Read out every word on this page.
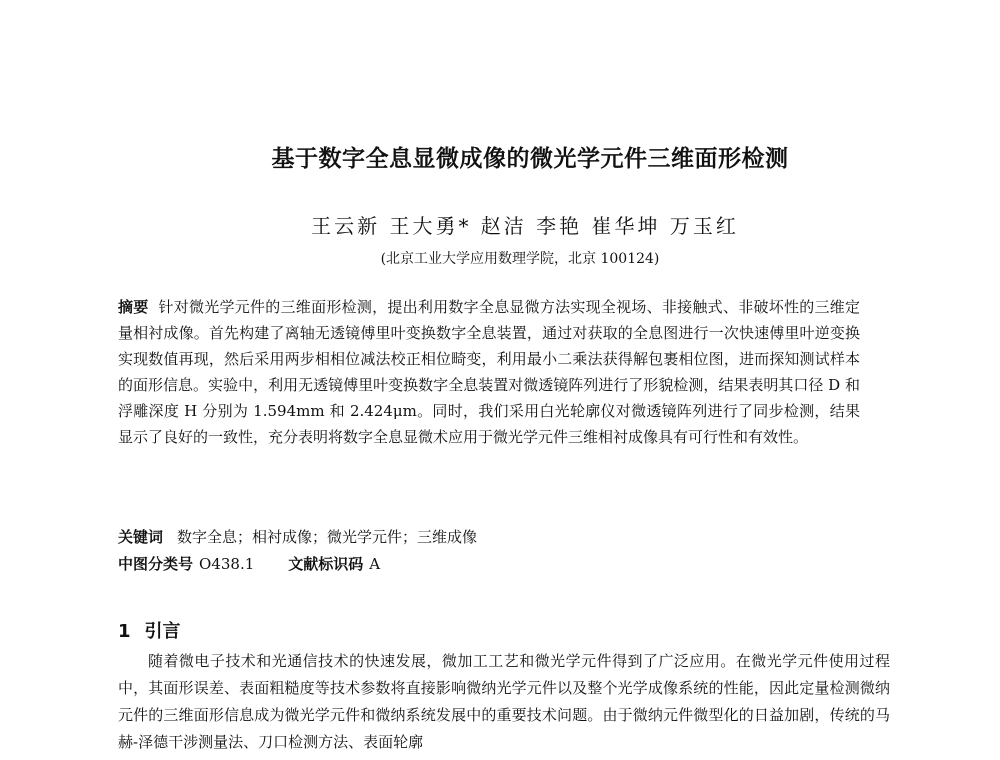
基于数字全息显微成像的微光学元件三维面形检测
王云新 王大勇* 赵洁 李艳 崔华坤 万玉红
(北京工业大学应用数理学院，北京 100124)
摘要 针对微光学元件的三维面形检测，提出利用数字全息显微方法实现全视场、非接触式、非破坏性的三维定量相衬成像。首先构建了离轴无透镜傅里叶变换数字全息装置，通过对获取的全息图进行一次快速傅里叶逆变换实现数值再现，然后采用两步相相位减法校正相位畸变，利用最小二乘法获得解包裹相位图，进而探知测试样本的面形信息。实验中，利用无透镜傅里叶变换数字全息装置对微透镜阵列进行了形貌检测，结果表明其口径 D 和浮雕深度 H 分别为 1.594mm 和 2.424μm。同时，我们采用白光轮廓仪对微透镜阵列进行了同步检测，结果显示了良好的一致性，充分表明将数字全息显微术应用于微光学元件三维相衬成像具有可行性和有效性。
关键词 数字全息；相衬成像；微光学元件；三维成像
中图分类号 O438.1 文献标识码 A
1 引言
随着微电子技术和光通信技术的快速发展，微加工工艺和微光学元件得到了广泛应用。在微光学元件使用过程中，其面形误差、表面粗糙度等技术参数将直接影响微纳光学元件以及整个光学成像系统的性能，因此定量检测微纳元件的三维面形信息成为微光学元件和微纳系统发展中的重要技术问题。由于微纳元件微型化的日益加剧，传统的马赫-泽德干涉测量法、刀口检测方法、表面轮廓
